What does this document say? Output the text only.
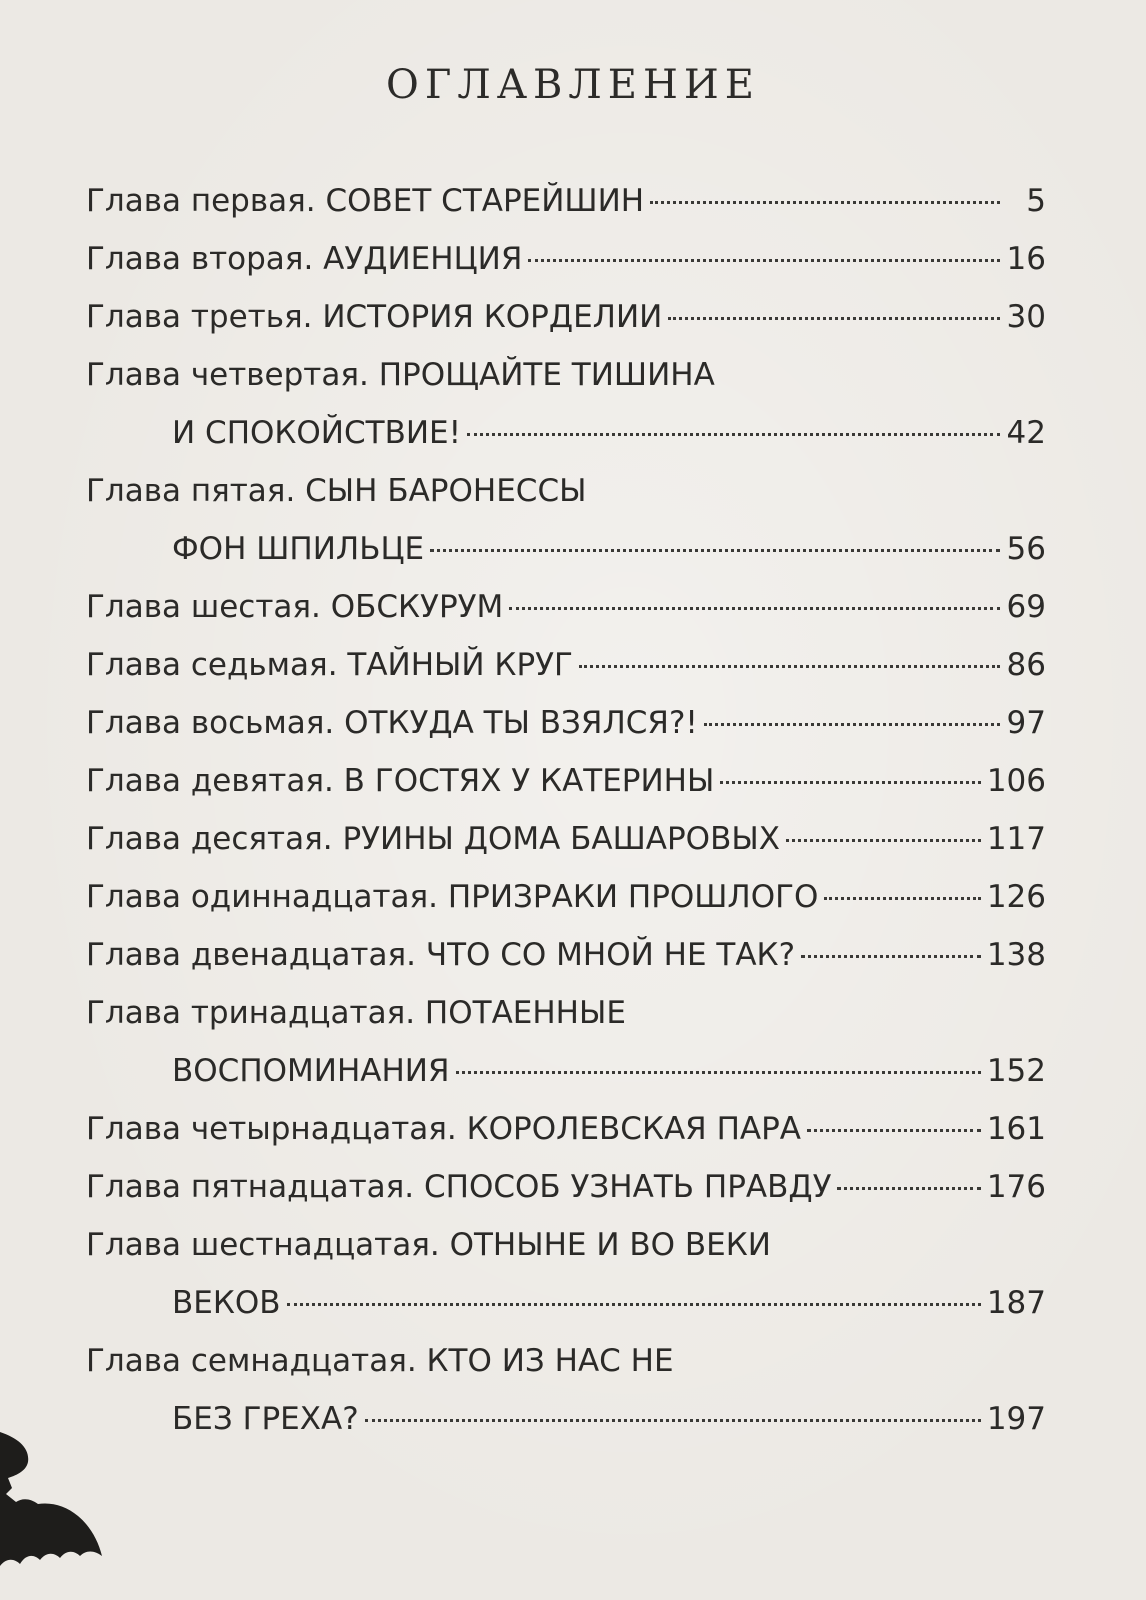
ОГЛАВЛЕНИЕ
Глава первая. СОВЕТ СТАРЕЙШИН	5
Глава вторая. АУДИЕНЦИЯ	16
Глава третья. ИСТОРИЯ КОРДЕЛИИ	30
Глава четвертая. ПРОЩАЙТЕ ТИШИНА
И СПОКОЙСТВИЕ!	42
Глава пятая. СЫН БАРОНЕССЫ
ФОН ШПИЛЬЦЕ	56
Глава шестая. ОБСКУРУМ	69
Глава седьмая. ТАЙНЫЙ КРУГ	86
Глава восьмая. ОТКУДА ТЫ ВЗЯЛСЯ?!	97
Глава девятая. В ГОСТЯХ У КАТЕРИНЫ	106
Глава десятая. РУИНЫ ДОМА БАШАРОВЫХ	117
Глава одиннадцатая. ПРИЗРАКИ ПРОШЛОГО	126
Глава двенадцатая. ЧТО СО МНОЙ НЕ ТАК?	138
Глава тринадцатая. ПОТАЕННЫЕ
ВОСПОМИНАНИЯ	152
Глава четырнадцатая. КОРОЛЕВСКАЯ ПАРА	161
Глава пятнадцатая. СПОСОБ УЗНАТЬ ПРАВДУ	176
Глава шестнадцатая. ОТНЫНЕ И ВО ВЕКИ
ВЕКОВ	187
Глава семнадцатая. КТО ИЗ НАС НЕ
БЕЗ ГРЕХА?	197
